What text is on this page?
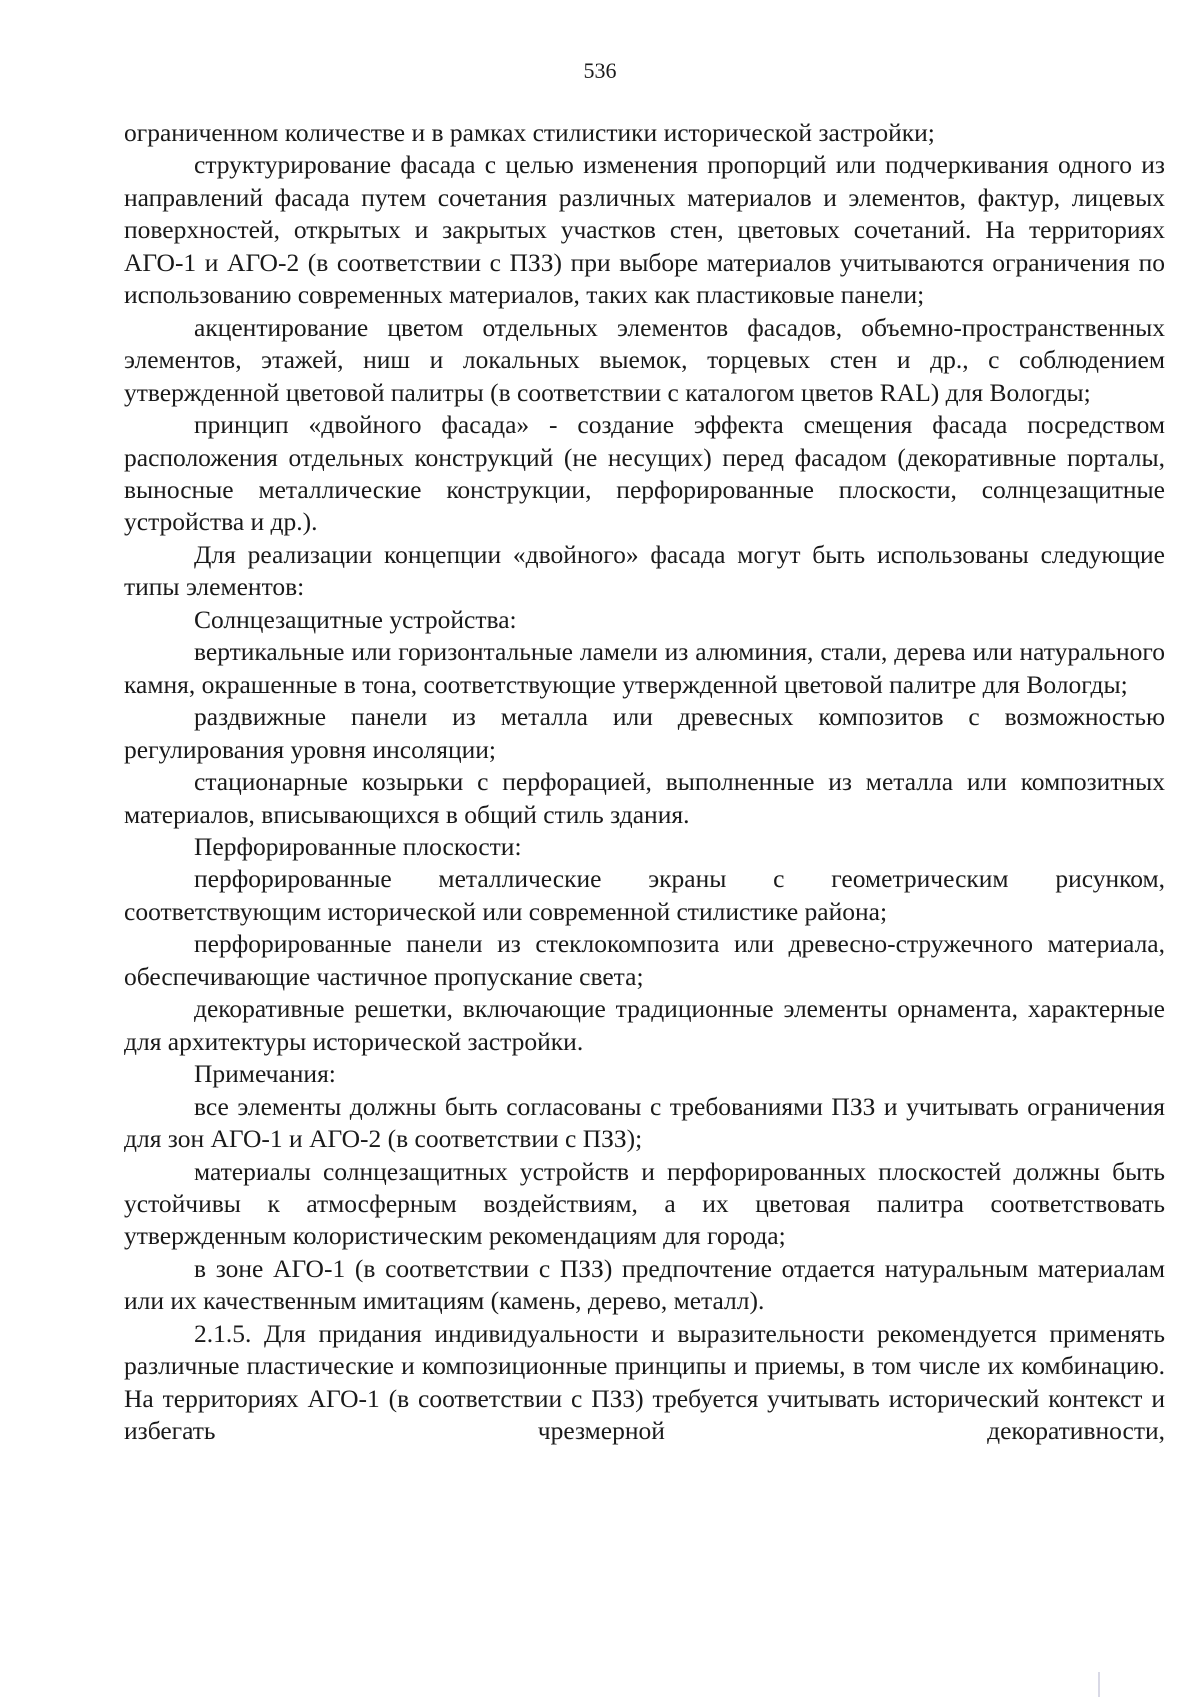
536

ограниченном количестве и в рамках стилистики исторической застройки;

структурирование фасада с целью изменения пропорций или подчеркивания одного из направлений фасада путем сочетания различных материалов и элементов, фактур, лицевых поверхностей, открытых и закрытых участков стен, цветовых сочетаний. На территориях АГО-1 и АГО-2 (в соответствии с ПЗЗ) при выборе материалов учитываются ограничения по использованию современных материалов, таких как пластиковые панели;

акцентирование цветом отдельных элементов фасадов, объемно-пространственных элементов, этажей, ниш и локальных выемок, торцевых стен и др., с соблюдением утвержденной цветовой палитры (в соответствии с каталогом цветов RAL) для Вологды;

принцип «двойного фасада» - создание эффекта смещения фасада посредством расположения отдельных конструкций (не несущих) перед фасадом (декоративные порталы, выносные металлические конструкции, перфорированные плоскости, солнцезащитные устройства и др.).

Для реализации концепции «двойного» фасада могут быть использованы следующие типы элементов:

Солнцезащитные устройства:

вертикальные или горизонтальные ламели из алюминия, стали, дерева или натурального камня, окрашенные в тона, соответствующие утвержденной цветовой палитре для Вологды;

раздвижные панели из металла или древесных композитов с возможностью регулирования уровня инсоляции;

стационарные козырьки с перфорацией, выполненные из металла или композитных материалов, вписывающихся в общий стиль здания.

Перфорированные плоскости:

перфорированные металлические экраны с геометрическим рисунком, соответствующим исторической или современной стилистике района;

перфорированные панели из стеклокомпозита или древесно-стружечного материала, обеспечивающие частичное пропускание света;

декоративные решетки, включающие традиционные элементы орнамента, характерные для архитектуры исторической застройки.

Примечания:

все элементы должны быть согласованы с требованиями ПЗЗ и учитывать ограничения для зон АГО-1 и АГО-2 (в соответствии с ПЗЗ);

материалы солнцезащитных устройств и перфорированных плоскостей должны быть устойчивы к атмосферным воздействиям, а их цветовая палитра соответствовать утвержденным колористическим рекомендациям для города;

в зоне АГО-1 (в соответствии с ПЗЗ) предпочтение отдается натуральным материалам или их качественным имитациям (камень, дерево, металл).

2.1.5. Для придания индивидуальности и выразительности рекомендуется применять различные пластические и композиционные принципы и приемы, в том числе их комбинацию. На территориях АГО-1 (в соответствии с ПЗЗ) требуется учитывать исторический контекст и избегать чрезмерной декоративности,
